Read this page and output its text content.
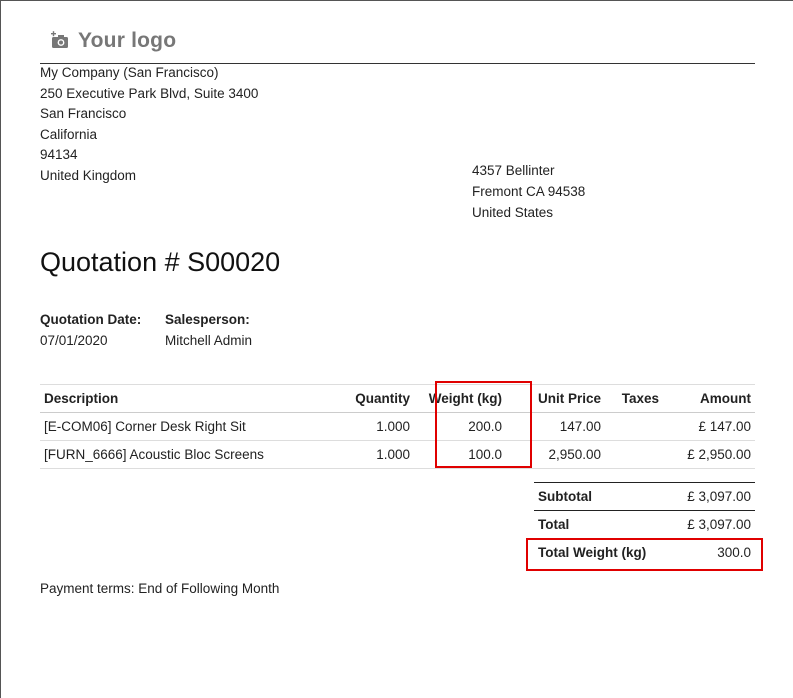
Your logo
My Company (San Francisco)
250 Executive Park Blvd, Suite 3400
San Francisco
California
94134
United Kingdom	4357 Bellinter
Fremont CA 94538
United States
Quotation # S00020
Quotation Date:
07/01/2020
Salesperson:
Mitchell Admin
Description	Quantity	Weight (kg)	Unit Price	Taxes	Amount
[E-COM06] Corner Desk Right Sit	1.000	200.0	147.00		£ 147.00
[FURN_6666] Acoustic Bloc Screens	1.000	100.0	2,950.00		£ 2,950.00
Subtotal	£ 3,097.00
Total	£ 3,097.00
Total Weight (kg)	300.0
Payment terms: End of Following Month
